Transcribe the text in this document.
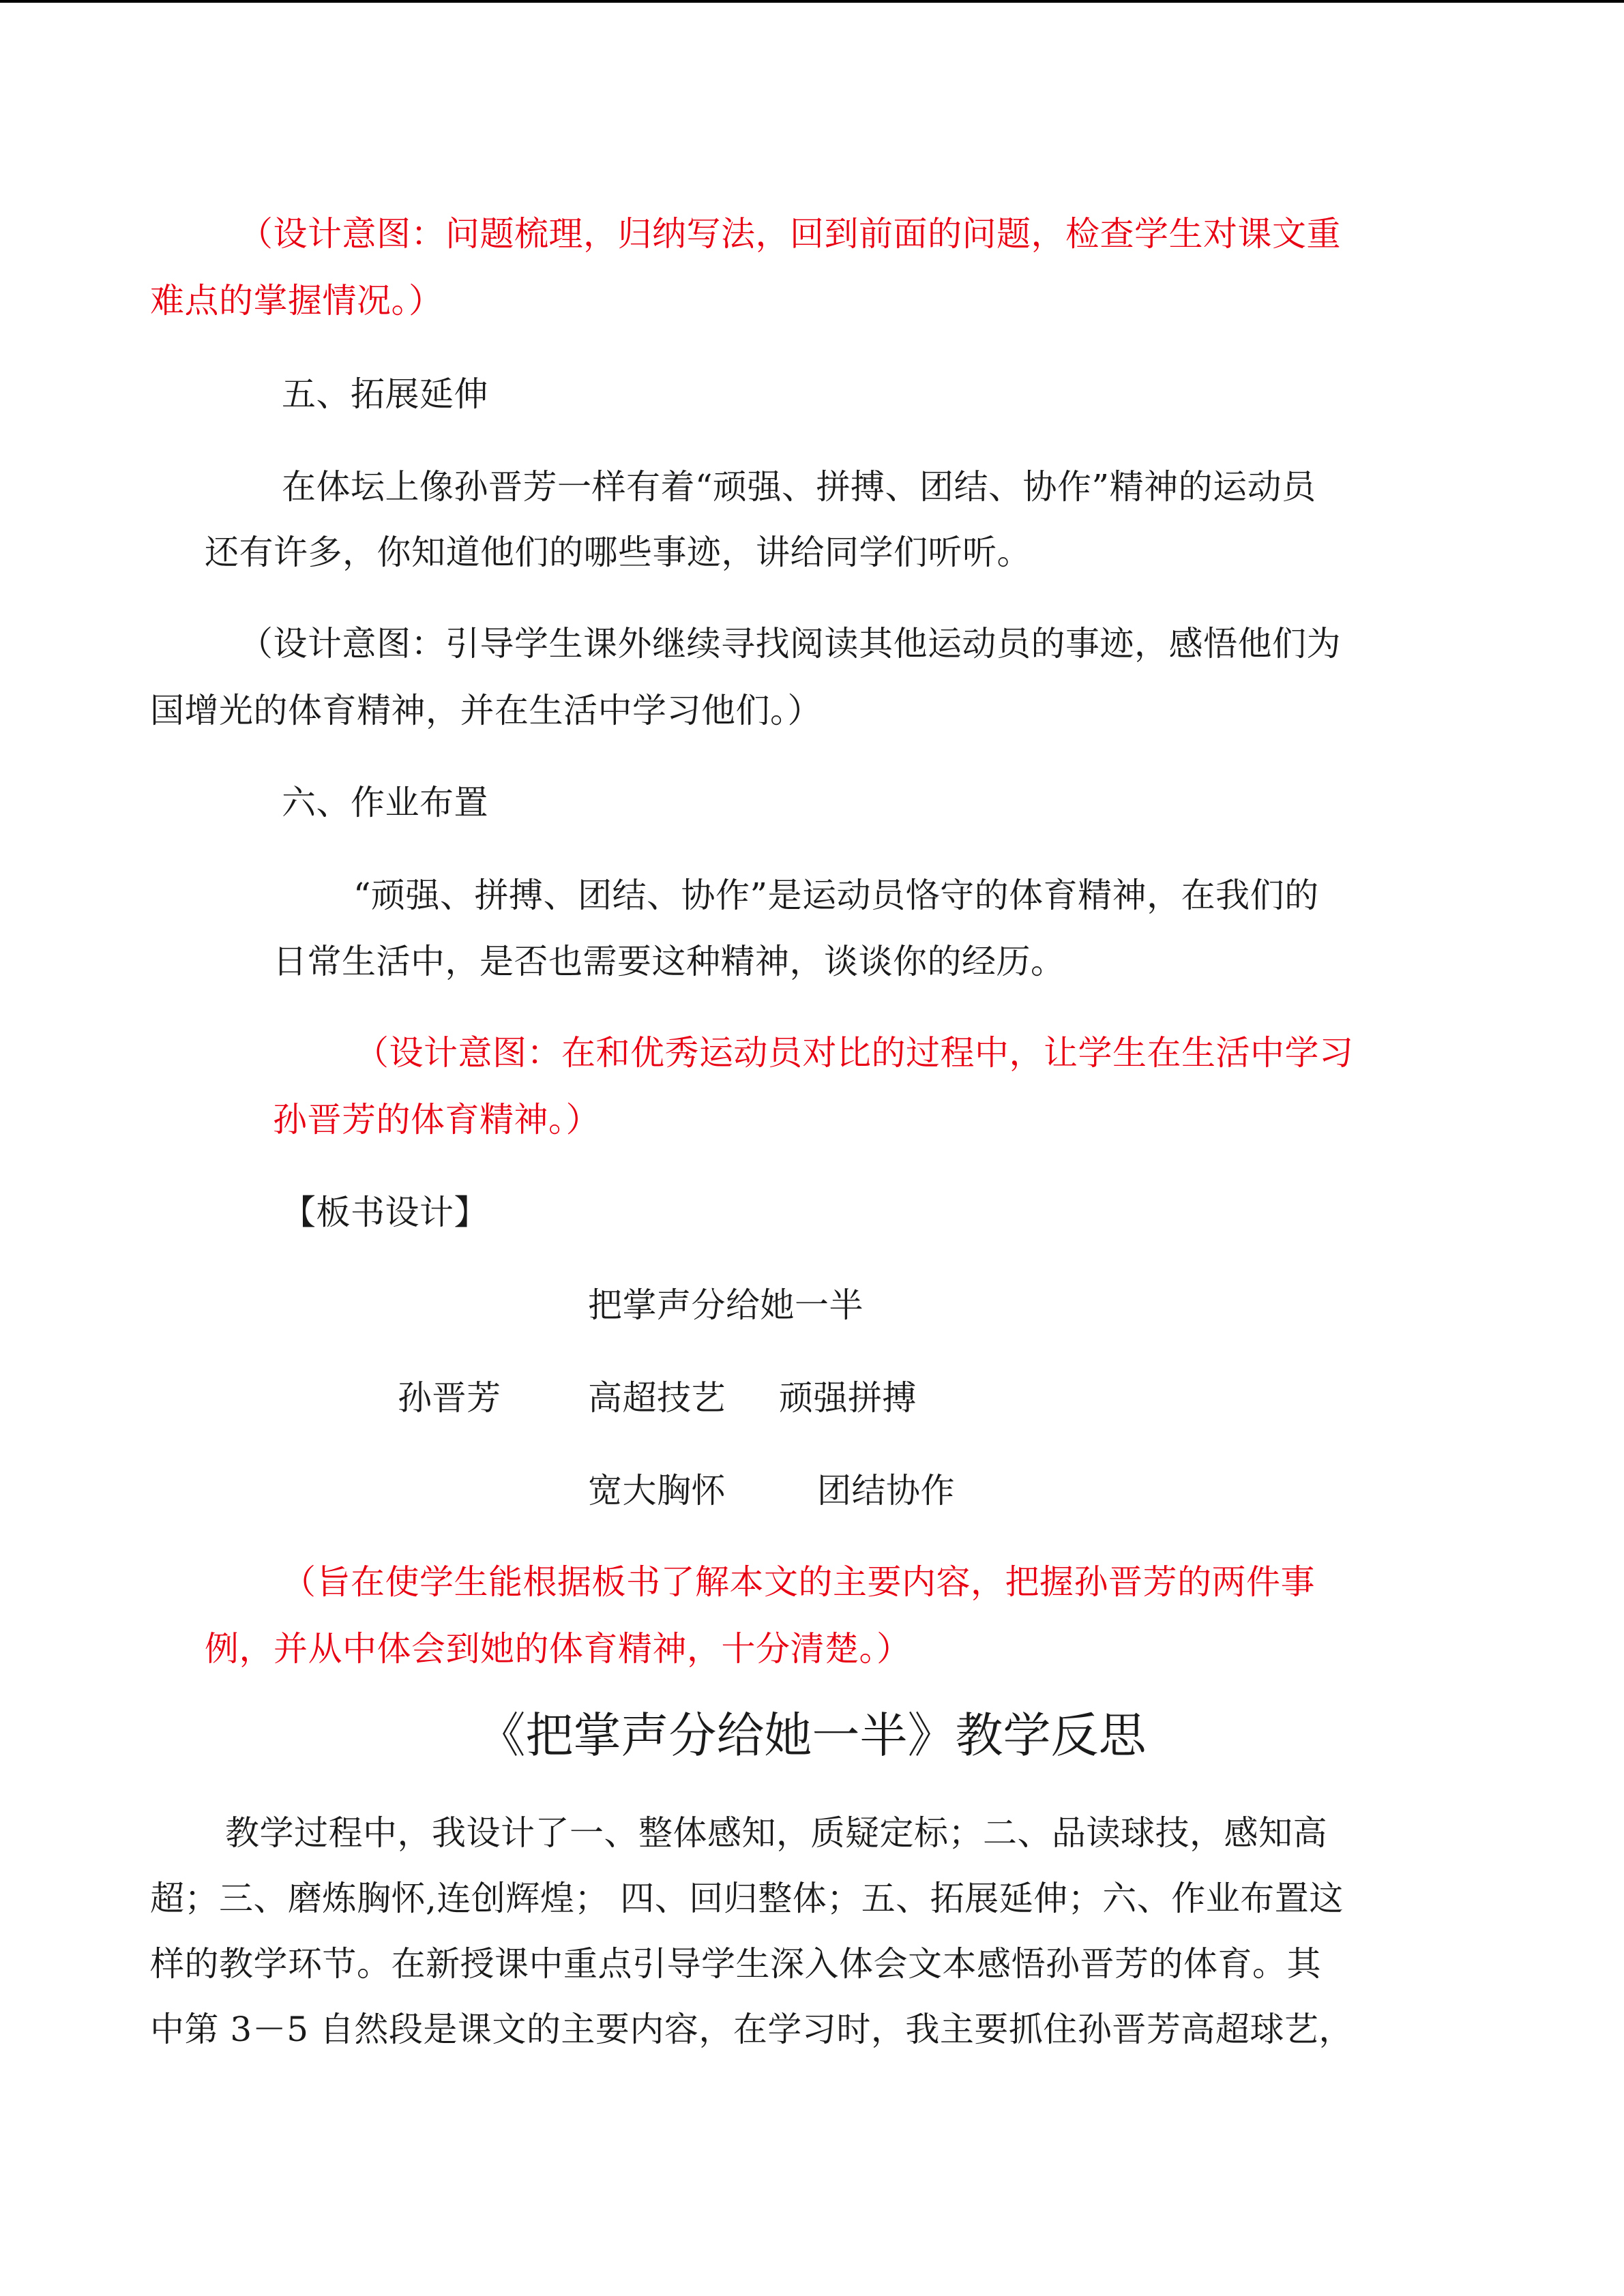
（设计意图：问题梳理，归纳写法，回到前面的问题，检查学生对课文重
难点的掌握情况。）
五、拓展延伸
在体坛上像孙晋芳一样有着“顽强、拼搏、团结、协作”精神的运动员
还有许多，你知道他们的哪些事迹，讲给同学们听听。
（设计意图：引导学生课外继续寻找阅读其他运动员的事迹，感悟他们为
国增光的体育精神，并在生活中学习他们。）
六、作业布置
“顽强、拼搏、团结、协作”是运动员恪守的体育精神，在我们的
日常生活中，是否也需要这种精神，谈谈你的经历。
（设计意图：在和优秀运动员对比的过程中，让学生在生活中学习
孙晋芳的体育精神。）
【板书设计】
把掌声分给她一半
孙晋芳	高超技艺 顽强拼搏
宽大胸怀	团结协作
（旨在使学生能根据板书了解本文的主要内容，把握孙晋芳的两件事
例，并从中体会到她的体育精神，十分清楚。）
《把掌声分给她一半》教学反思
教学过程中，我设计了一、整体感知，质疑定标；二、品读球技，感知高
超；三、磨炼胸怀,连创辉煌； 四、回归整体；五、拓展延伸；六、作业布置这
样的教学环节。在新授课中重点引导学生深入体会文本感悟孙晋芳的体育。其
中第 3－5 自然段是课文的主要内容，在学习时，我主要抓住孙晋芳高超球艺，
